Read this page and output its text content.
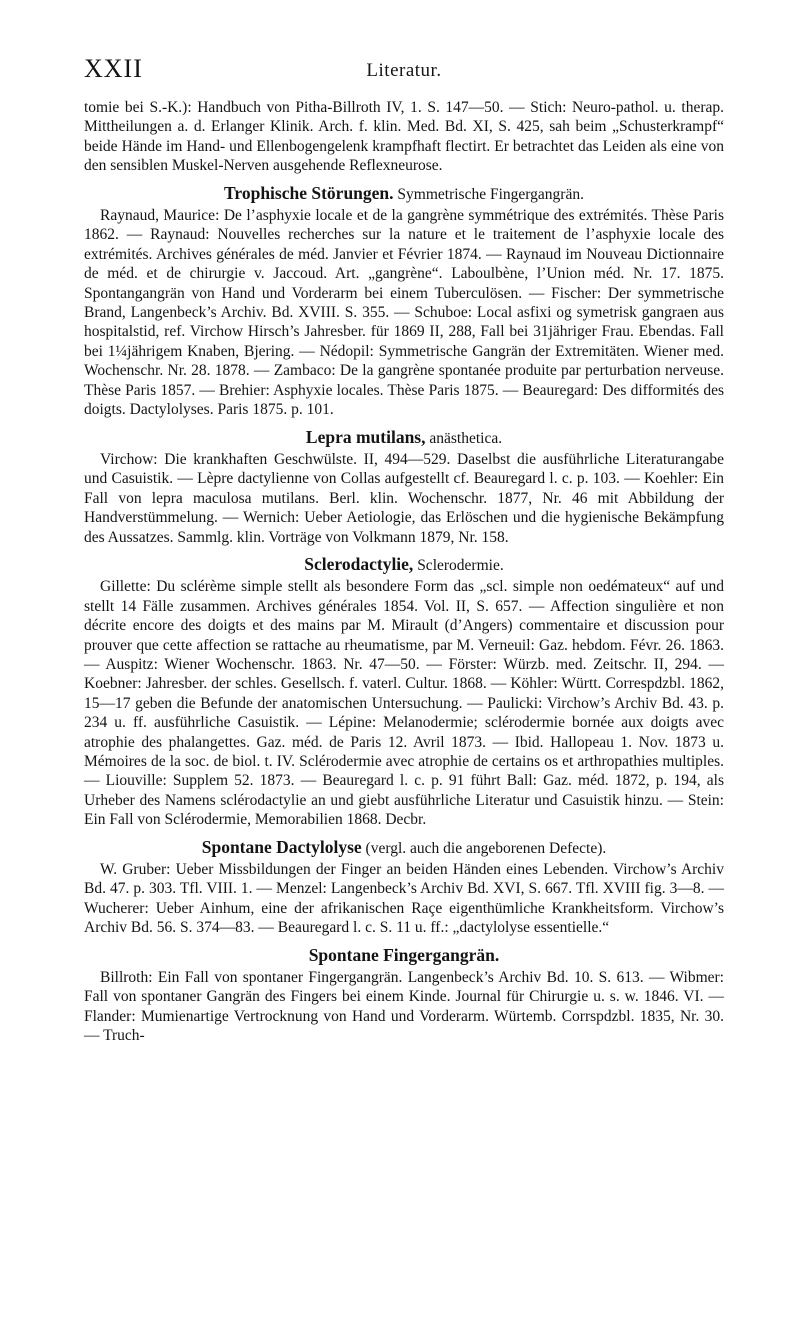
XXII	Literatur.

tomie bei S.-K.): Handbuch von Pitha-Billroth IV, 1. S. 147—50. — Stich: Neuro-pathol. u. therap. Mittheilungen a. d. Erlanger Klinik. Arch. f. klin. Med. Bd. XI, S. 425, sah beim „Schusterkrampf“ beide Hände im Hand- und Ellenbogengelenk krampfhaft flectirt. Er betrachtet das Leiden als eine von den sensiblen Muskel-Nerven ausgehende Reflexneurose.

Trophische Störungen. Symmetrische Fingergangrän.

Raynaud, Maurice: De l’asphyxie locale et de la gangrène symmétrique des extrémités. Thèse Paris 1862. — Raynaud: Nouvelles recherches sur la nature et le traitement de l’asphyxie locale des extrémités. Archives générales de méd. Janvier et Février 1874. — Raynaud im Nouveau Dictionnaire de méd. et de chirurgie v. Jaccoud. Art. „gangrène“. Laboulbène, l’Union méd. Nr. 17. 1875. Spontangangrän von Hand und Vorderarm bei einem Tuberculösen. — Fischer: Der symmetrische Brand, Langenbeck’s Archiv. Bd. XVIII. S. 355. — Schuboe: Local asfixi og symetrisk gangraen aus hospitalstid, ref. Virchow Hirsch’s Jahresber. für 1869 II, 288, Fall bei 31jähriger Frau. Ebendas. Fall bei 1¼jährigem Knaben, Bjering. — Nédopil: Symmetrische Gangrän der Extremitäten. Wiener med. Wochenschr. Nr. 28. 1878. — Zambaco: De la gangrène spontanée produite par perturbation nerveuse. Thèse Paris 1857. — Brehier: Asphyxie locales. Thèse Paris 1875. — Beauregard: Des difformités des doigts. Dactylolyses. Paris 1875. p. 101.

Lepra mutilans, anästhetica.

Virchow: Die krankhaften Geschwülste. II, 494—529. Daselbst die ausführliche Literaturangabe und Casuistik. — Lèpre dactylienne von Collas aufgestellt cf. Beauregard l. c. p. 103. — Koehler: Ein Fall von lepra maculosa mutilans. Berl. klin. Wochenschr. 1877, Nr. 46 mit Abbildung der Handverstümmelung. — Wernich: Ueber Aetiologie, das Erlöschen und die hygienische Bekämpfung des Aussatzes. Sammlg. klin. Vorträge von Volkmann 1879, Nr. 158.

Sclerodactylie, Sclerodermie.

Gillette: Du sclérème simple stellt als besondere Form das „scl. simple non oedémateux“ auf und stellt 14 Fälle zusammen. Archives générales 1854. Vol. II, S. 657. — Affection singulière et non décrite encore des doigts et des mains par M. Mirault (d’Angers) commentaire et discussion pour prouver que cette affection se rattache au rheumatisme, par M. Verneuil: Gaz. hebdom. Févr. 26. 1863. — Auspitz: Wiener Wochenschr. 1863. Nr. 47—50. — Förster: Würzb. med. Zeitschr. II, 294. — Koebner: Jahresber. der schles. Gesellsch. f. vaterl. Cultur. 1868. — Köhler: Württ. Correspdzbl. 1862, 15—17 geben die Befunde der anatomischen Untersuchung. — Paulicki: Virchow’s Archiv Bd. 43. p. 234 u. ff. ausführliche Casuistik. — Lépine: Melanodermie; sclérodermie bornée aux doigts avec atrophie des phalangettes. Gaz. méd. de Paris 12. Avril 1873. — Ibid. Hallopeau 1. Nov. 1873 u. Mémoires de la soc. de biol. t. IV. Sclérodermie avec atrophie de certains os et arthropathies multiples. — Liouville: Supplem 52. 1873. — Beauregard l. c. p. 91 führt Ball: Gaz. méd. 1872, p. 194, als Urheber des Namens sclérodactylie an und giebt ausführliche Literatur und Casuistik hinzu. — Stein: Ein Fall von Sclérodermie, Memorabilien 1868. Decbr.

Spontane Dactylolyse (vergl. auch die angeborenen Defecte).

W. Gruber: Ueber Missbildungen der Finger an beiden Händen eines Lebenden. Virchow’s Archiv Bd. 47. p. 303. Tfl. VIII. 1. — Menzel: Langenbeck’s Archiv Bd. XVI, S. 667. Tfl. XVIII fig. 3—8. — Wucherer: Ueber Ainhum, eine der afrikanischen Raçe eigenthümliche Krankheitsform. Virchow’s Archiv Bd. 56. S. 374—83. — Beauregard l. c. S. 11 u. ff.: „dactylolyse essentielle.“

Spontane Fingergangrän.

Billroth: Ein Fall von spontaner Fingergangrän. Langenbeck’s Archiv Bd. 10. S. 613. — Wibmer: Fall von spontaner Gangrän des Fingers bei einem Kinde. Journal für Chirurgie u. s. w. 1846. VI. — Flander: Mumienartige Vertrocknung von Hand und Vorderarm. Würtemb. Corrspdzbl. 1835, Nr. 30. — Truch-
